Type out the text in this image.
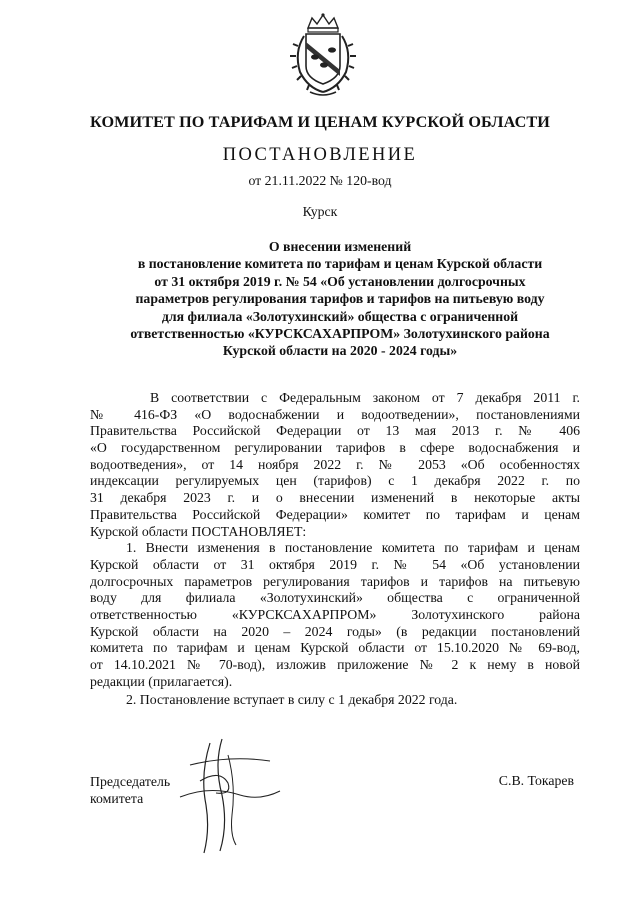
КОМИТЕТ ПО ТАРИФАМ И ЦЕНАМ КУРСКОЙ ОБЛАСТИ
ПОСТАНОВЛЕНИЕ
от 21.11.2022 № 120-вод
Курск
О внесении изменений
в постановление комитета по тарифам и ценам Курской области
от 31 октября 2019 г. № 54 «Об установлении долгосрочных
параметров регулирования тарифов и тарифов на питьевую воду
для филиала «Золотухинский» общества с ограниченной
ответственностью «КУРСКСАХАРПРОМ» Золотухинского района
Курской области на 2020 - 2024 годы»
В соответствии с Федеральным законом от 7 декабря 2011 г.
№ 416-ФЗ «О водоснабжении и водоотведении», постановлениями
Правительства Российской Федерации от 13 мая 2013 г. № 406
«О государственном регулировании тарифов в сфере водоснабжения и
водоотведения», от 14 ноября 2022 г. № 2053 «Об особенностях
индексации регулируемых цен (тарифов) с 1 декабря 2022 г. по
31 декабря 2023 г. и о внесении изменений в некоторые акты
Правительства Российской Федерации» комитет по тарифам и ценам
Курской области ПОСТАНОВЛЯЕТ:
1. Внести изменения в постановление комитета по тарифам и ценам
Курской области от 31 октября 2019 г. № 54 «Об установлении
долгосрочных параметров регулирования тарифов и тарифов на питьевую
воду для филиала «Золотухинский» общества с ограниченной
ответственностью «КУРСКСАХАРПРОМ» Золотухинского района
Курской области на 2020 – 2024 годы» (в редакции постановлений
комитета по тарифам и ценам Курской области от 15.10.2020 № 69-вод,
от 14.10.2021 № 70-вод), изложив приложение № 2 к нему в новой
редакции (прилагается).
2. Постановление вступает в силу с 1 декабря 2022 года.
Председатель
комитета
С.В. Токарев
